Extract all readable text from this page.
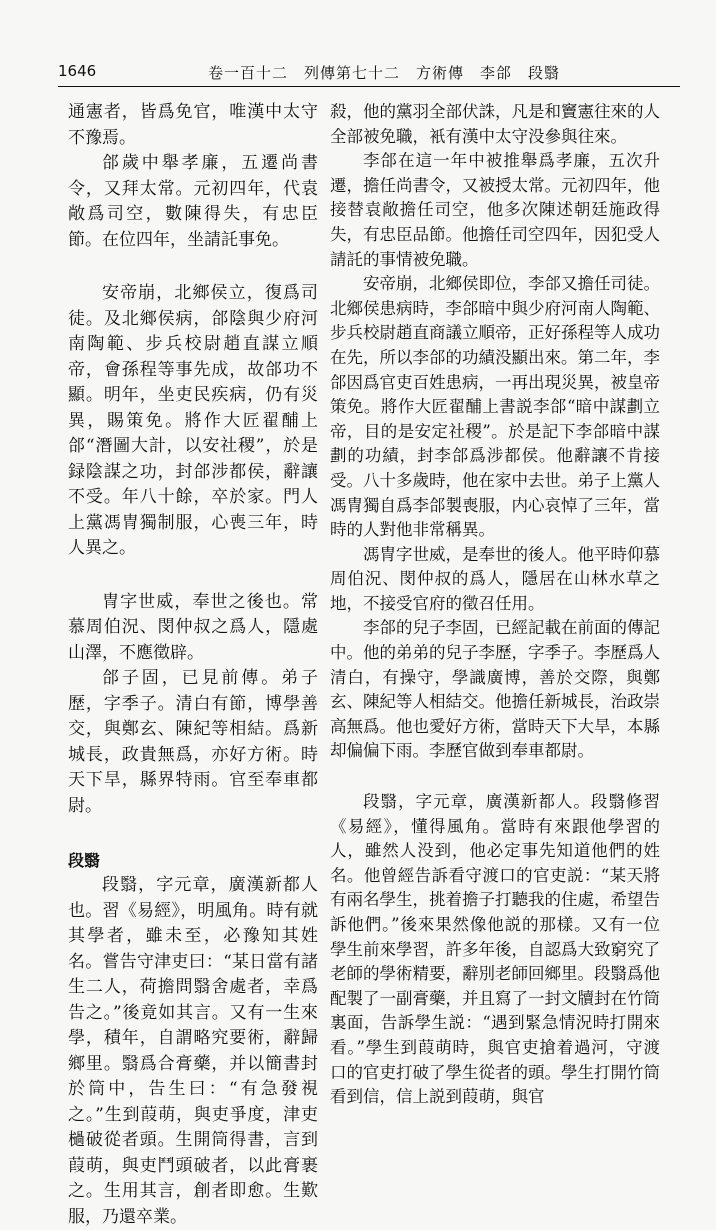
1646	卷一百十二　列傳第七十二　方術傳　李郃　段翳

通憲者，皆爲免官，唯漢中太守不豫焉。

郃歲中舉孝廉，五遷尚書令，又拜太常。元初四年，代袁敞爲司空，數陳得失，有忠臣節。在位四年，坐請託事免。

安帝崩，北鄉侯立，復爲司徒。及北鄉侯病，郃陰與少府河南陶範、步兵校尉趙直謀立順帝，會孫程等事先成，故郃功不顯。明年，坐吏民疾病，仍有災異，賜策免。將作大匠翟酺上郃“潛圖大計，以安社稷”，於是録陰謀之功，封郃涉都侯，辭讓不受。年八十餘，卒於家。門人上黨馮冑獨制服，心喪三年，時人異之。

冑字世威，奉世之後也。常慕周伯況、閔仲叔之爲人，隱處山澤，不應徵辟。

郃子固，已見前傳。弟子歷，字季子。清白有節，博學善交，與鄭玄、陳紀等相結。爲新城長，政貴無爲，亦好方術。時天下旱，縣界特雨。官至奉車都尉。

段翳

段翳，字元章，廣漢新都人也。習《易經》，明風角。時有就其學者，雖未至，必豫知其姓名。嘗告守津吏曰：“某日當有諸生二人，荷擔問翳舍處者，幸爲告之。”後竟如其言。又有一生來學，積年，自謂略究要術，辭歸鄉里。翳爲合膏藥，并以簡書封於筒中，告生曰：“有急發視之。”生到葭萌，與吏爭度，津吏檛破從者頭。生開筒得書，言到葭萌，與吏鬥頭破者，以此膏裹之。生用其言，創者即愈。生歎服，乃還卒業。

殺，他的黨羽全部伏誅，凡是和竇憲往來的人全部被免職，衹有漢中太守没參與往來。

李郃在這一年中被推舉爲孝廉，五次升遷，擔任尚書令，又被授太常。元初四年，他接替袁敞擔任司空，他多次陳述朝廷施政得失，有忠臣品節。他擔任司空四年，因犯受人請託的事情被免職。

安帝崩，北鄉侯即位，李郃又擔任司徒。北鄉侯患病時，李郃暗中與少府河南人陶範、步兵校尉趙直商議立順帝，正好孫程等人成功在先，所以李郃的功績没顯出來。第二年，李郃因爲官吏百姓患病，一再出現災異，被皇帝策免。將作大匠翟酺上書説李郃“暗中謀劃立帝，目的是安定社稷”。於是記下李郃暗中謀劃的功績，封李郃爲涉都侯。他辭讓不肯接受。八十多歲時，他在家中去世。弟子上黨人馮冑獨自爲李郃製喪服，内心哀悼了三年，當時的人對他非常稱異。

馮冑字世威，是奉世的後人。他平時仰慕周伯況、閔仲叔的爲人，隱居在山林水草之地，不接受官府的徵召任用。

李郃的兒子李固，已經記載在前面的傳記中。他的弟弟的兒子李歷，字季子。李歷爲人清白，有操守，學識廣博，善於交際，與鄭玄、陳紀等人相結交。他擔任新城長，治政崇高無爲。他也愛好方術，當時天下大旱，本縣却偏偏下雨。李歷官做到奉車都尉。

段翳，字元章，廣漢新都人。段翳修習《易經》，懂得風角。當時有來跟他學習的人，雖然人没到，他必定事先知道他們的姓名。他曾經告訴看守渡口的官吏説：“某天將有兩名學生，挑着擔子打聽我的住處，希望告訴他們。”後來果然像他説的那樣。又有一位學生前來學習，許多年後，自認爲大致窮究了老師的學術精要，辭別老師回鄉里。段翳爲他配製了一副膏藥，并且寫了一封文牘封在竹筒裏面，告訴學生説：“遇到緊急情況時打開來看。”學生到葭萌時，與官吏搶着過河，守渡口的官吏打破了學生從者的頭。學生打開竹筒看到信，信上説到葭萌，與官
